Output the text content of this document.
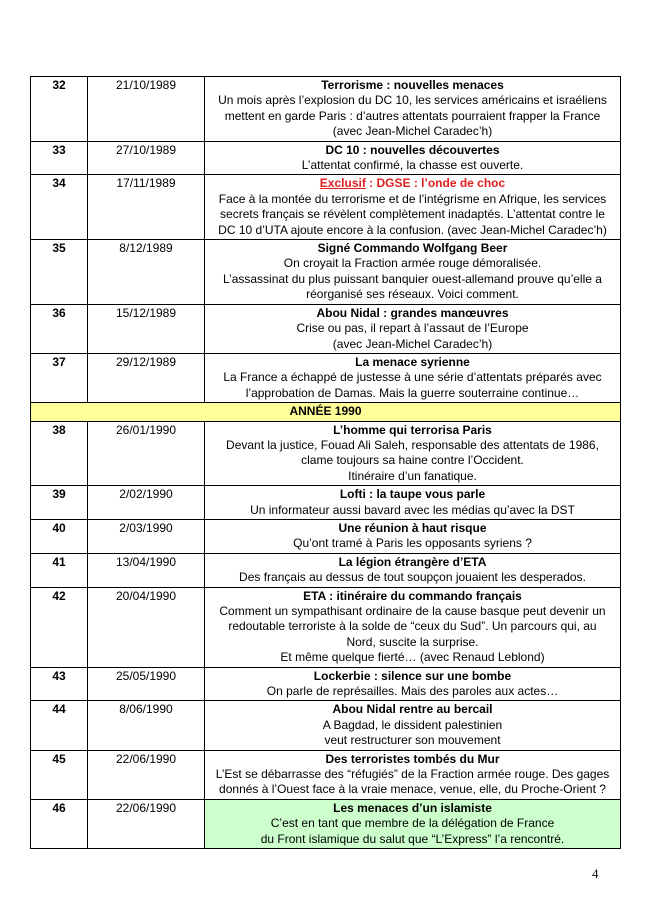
32	21/10/1989	Terrorisme : nouvelles menaces
Un mois après l’explosion du DC 10, les services américains et israéliens
mettent en garde Paris : d’autres attentats pourraient frapper la France
(avec Jean-Michel Caradec’h)

33	27/10/1989	DC 10 : nouvelles découvertes
L’attentat confirmé, la chasse est ouverte.

34	17/11/1989	Exclusif : DGSE : l’onde de choc
Face à la montée du terrorisme et de l’intégrisme en Afrique, les services
secrets français se révèlent complètement inadaptés. L’attentat contre le
DC 10 d’UTA ajoute encore à la confusion. (avec Jean-Michel Caradec’h)

35	8/12/1989	Signé Commando Wolfgang Beer
On croyait la Fraction armée rouge démoralisée.
L’assassinat du plus puissant banquier ouest-allemand prouve qu’elle a
réorganisé ses réseaux. Voici comment.

36	15/12/1989	Abou Nidal : grandes manœuvres
Crise ou pas, il repart à l’assaut de l’Europe
(avec Jean-Michel Caradec’h)

37	29/12/1989	La menace syrienne
La France a échappé de justesse à une série d’attentats préparés avec
l’approbation de Damas. Mais la guerre souterraine continue…

ANNÉE 1990		
38	26/01/1990	L’homme qui terrorisa Paris
Devant la justice, Fouad Ali Saleh, responsable des attentats de 1986,
clame toujours sa haine contre l’Occident.
Itinéraire d’un fanatique.

39	2/02/1990	Lofti : la taupe vous parle
Un informateur aussi bavard avec les médias qu’avec la DST

40	2/03/1990	Une réunion à haut risque
Qu’ont tramé à Paris les opposants syriens ?

41	13/04/1990	La légion étrangère d’ETA
Des français au dessus de tout soupçon jouaient les desperados.

42	20/04/1990	ETA : itinéraire du commando français
Comment un sympathisant ordinaire de la cause basque peut devenir un
redoutable terroriste à la solde de “ceux du Sud”. Un parcours qui, au
Nord, suscite la surprise.
Et même quelque fierté… (avec Renaud Leblond)

43	25/05/1990	Lockerbie : silence sur une bombe
On parle de représailles. Mais des paroles aux actes…

44	8/06/1990	Abou Nidal rentre au bercail
A Bagdad, le dissident palestinien
veut restructurer son mouvement

45	22/06/1990	Des terroristes tombés du Mur
L’Est se débarrasse des “réfugiés” de la Fraction armée rouge. Des gages
donnés à l’Ouest face à la vraie menace, venue, elle, du Proche-Orient ?

46	22/06/1990	Les menaces d’un islamiste
C’est en tant que membre de la délégation de France
du Front islamique du salut que “L’Express” l’a rencontré.
4
